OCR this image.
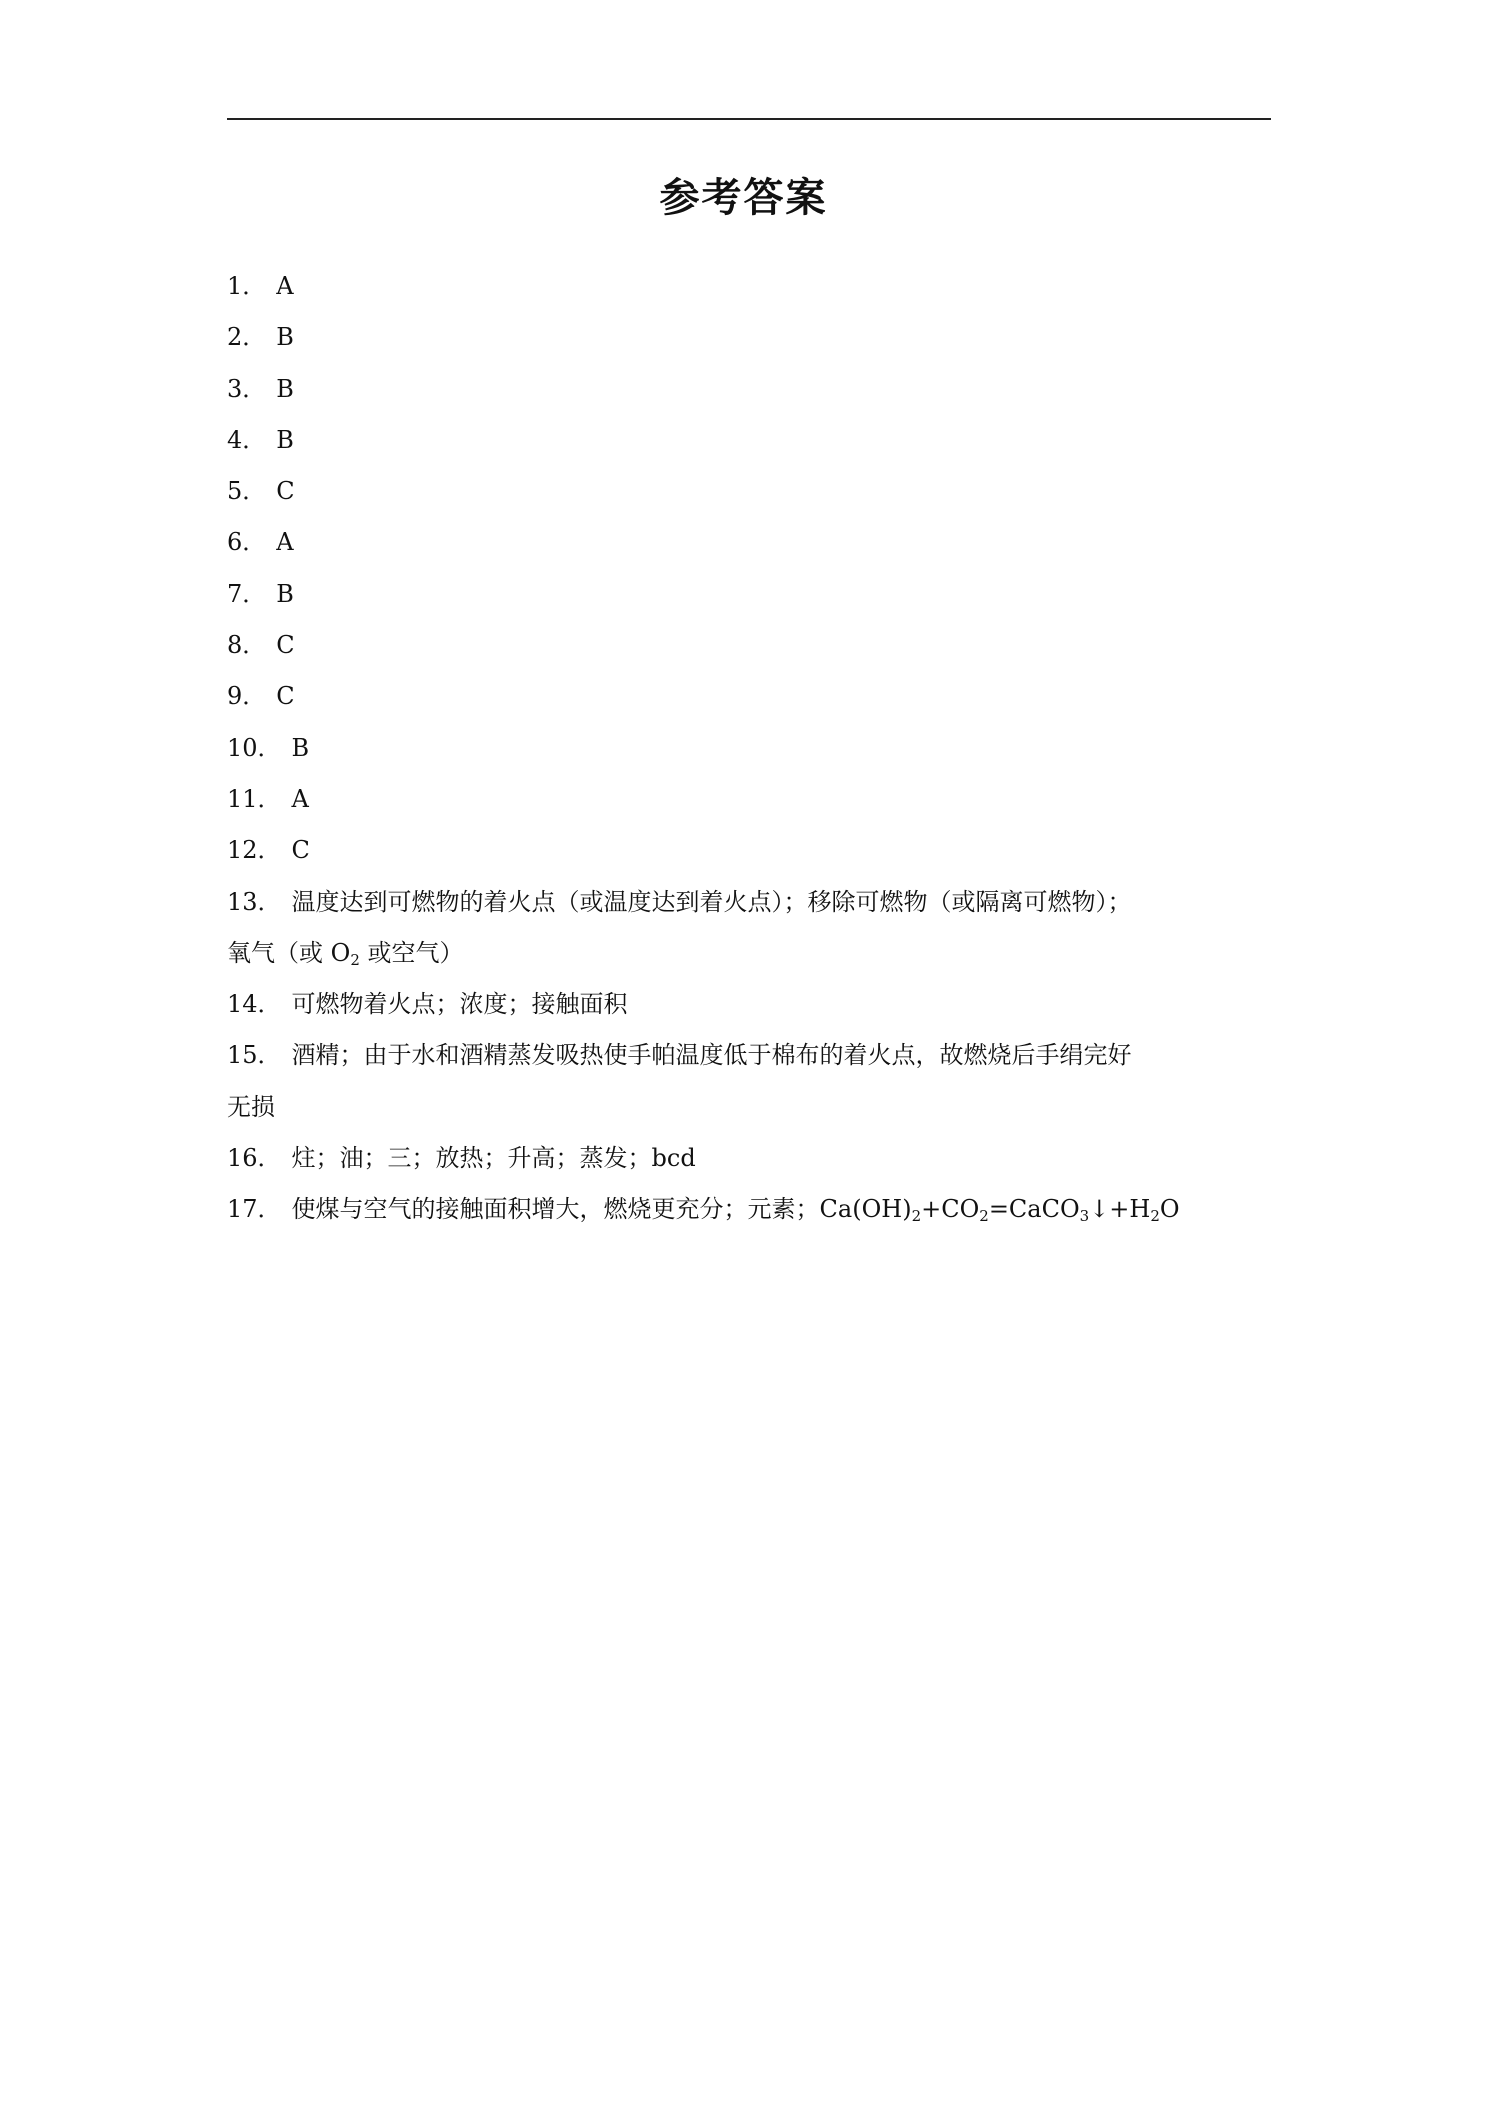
参考答案
1． A
2． B
3． B
4． B
5． C
6． A
7． B
8． C
9． C
10． B
11． A
12． C
13． 温度达到可燃物的着火点（或温度达到着火点）；移除可燃物（或隔离可燃物）；
氧气（或 $O_2$ 或空气）
14． 可燃物着火点；浓度；接触面积
15． 酒精；由于水和酒精蒸发吸热使手帕温度低于棉布的着火点，故燃烧后手绢完好
无损
16． 炷；油；三；放热；升高；蒸发；bcd
17． 使煤与空气的接触面积增大，燃烧更充分；元素；$Ca(OH)_2+CO_2=CaCO_3↓+H_2O$
